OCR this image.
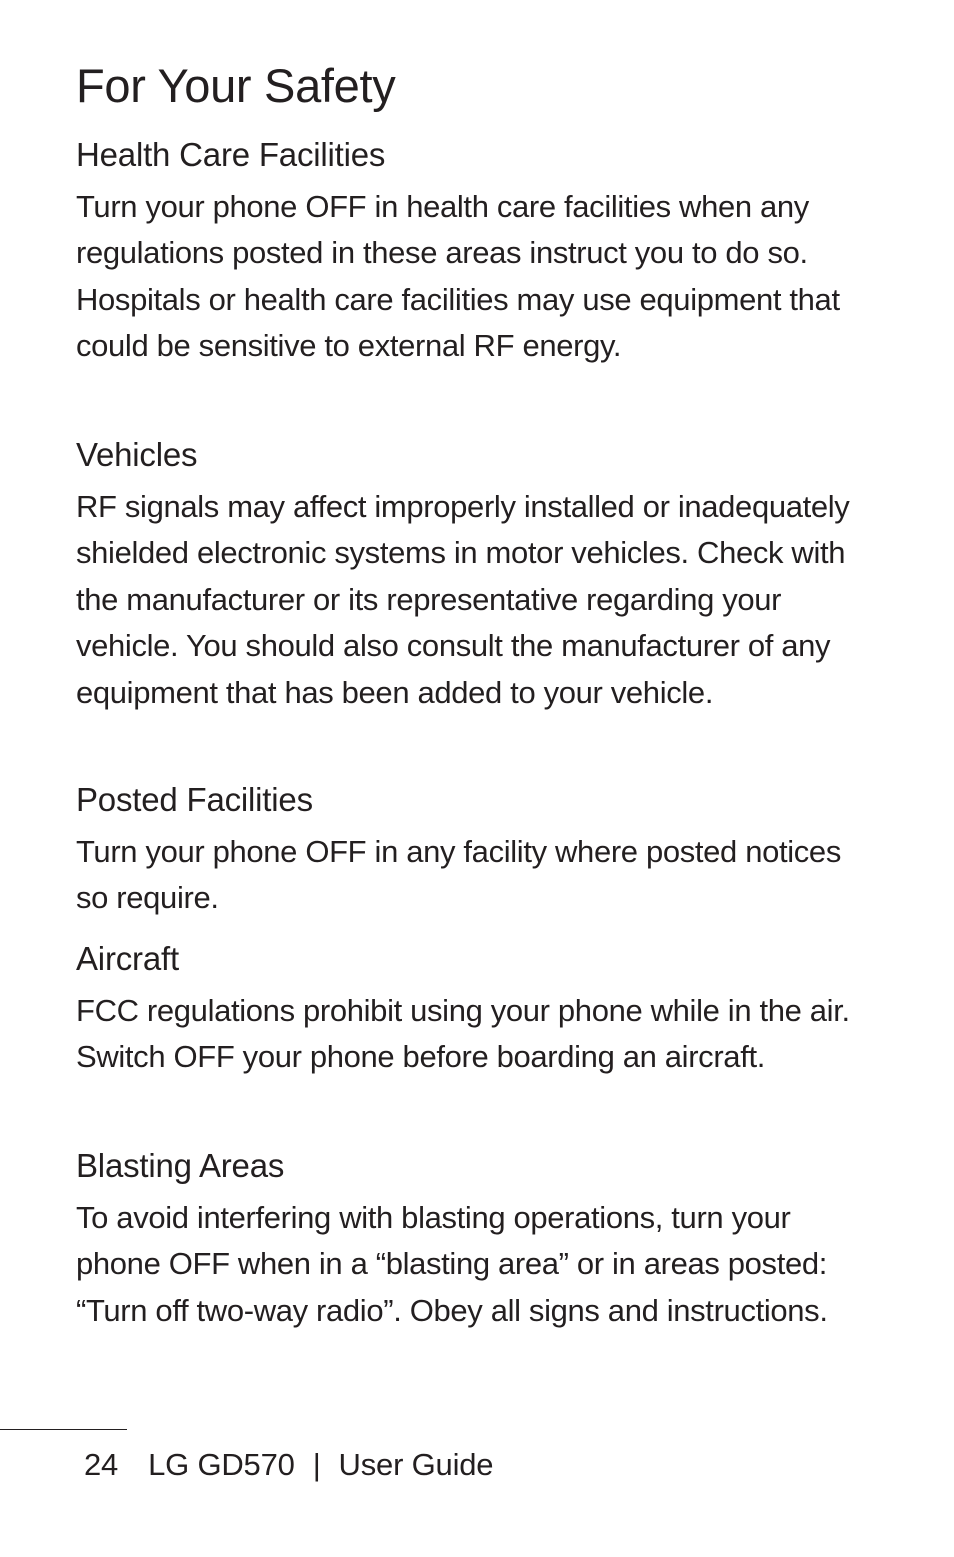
For Your Safety
Health Care Facilities

Turn your phone OFF in health care facilities when any regulations posted in these areas instruct you to do so. Hospitals or health care facilities may use equipment that could be sensitive to external RF energy.

Vehicles

RF signals may affect improperly installed or inadequately shielded electronic systems in motor vehicles. Check with the manufacturer or its representative regarding your vehicle. You should also consult the manufacturer of any equipment that has been added to your vehicle.

Posted Facilities

Turn your phone OFF in any facility where posted notices so require.

Aircraft

FCC regulations prohibit using your phone while in the air. Switch OFF your phone before boarding an aircraft.

Blasting Areas

To avoid interfering with blasting operations, turn your phone OFF when in a “blasting area” or in areas posted: “Turn off two-way radio”. Obey all signs and instructions.

24 LG GD570 | User Guide
